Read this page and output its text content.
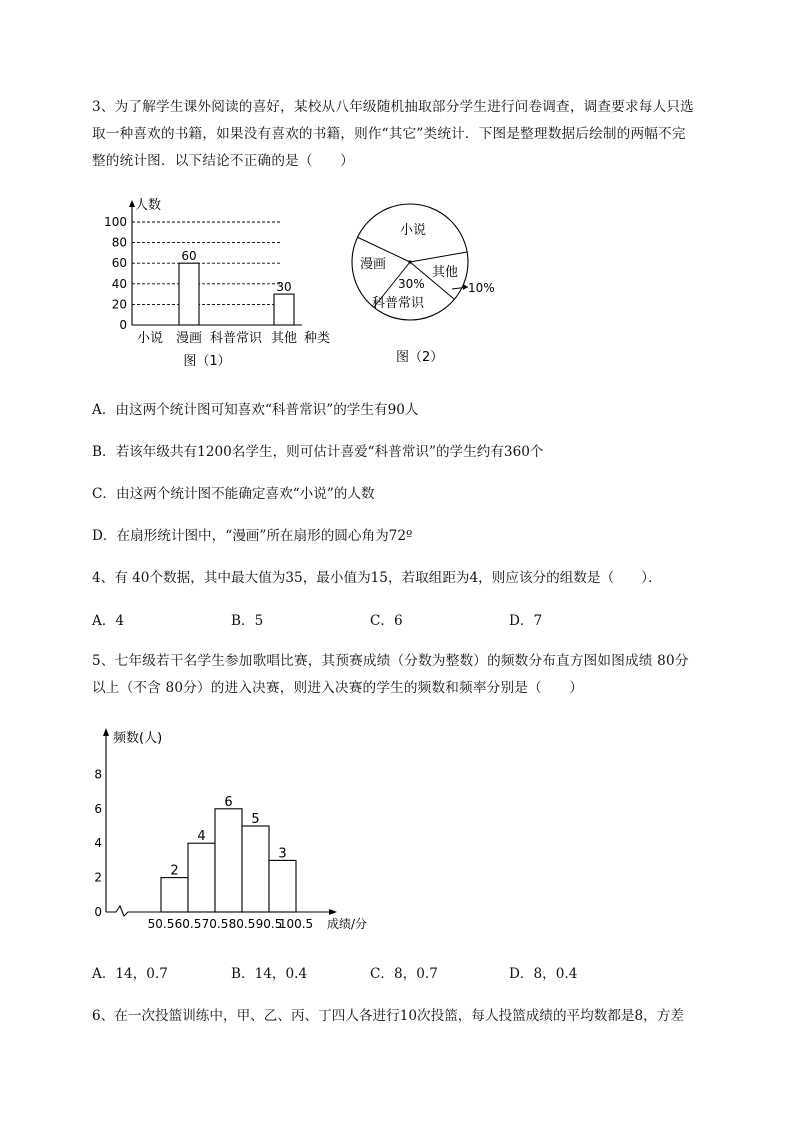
3、为了解学生课外阅读的喜好，某校从八年级随机抽取部分学生进行问卷调查，调查要求每人只选
取一种喜欢的书籍，如果没有喜欢的书籍，则作“其它”类统计．下图是整理数据后绘制的两幅不完
整的统计图．以下结论不正确的是（　　）
人数
0
20
40
60
80
100
小说 漫画
60
科普常识 其他
30
种类
图（1）
小说
漫画
其他
30%
科普常识
10%
图（2）
A．由这两个统计图可知喜欢“科普常识”的学生有90人
B．若该年级共有1200名学生，则可估计喜爱“科普常识”的学生约有360个
C．由这两个统计图不能确定喜欢“小说”的人数
D．在扇形统计图中，“漫画”所在扇形的圆心角为72º
4、有 40个数据，其中最大值为35，最小值为15，若取组距为4，则应该分的组数是（　　）．
A．4	B．5	C．6	D．7
5、七年级若干名学生参加歌唱比赛，其预赛成绩（分数为整数）的频数分布直方图如图成绩 80分
以上（不含 80分）的进入决赛，则进入决赛的学生的频数和频率分别是（　　）
频数(人)
0
2
4
6
8
2
4
6
5
3
50.5 60.5 70.5 80.5 90.5
100.5 成绩/分
A．14，0.7	B．14，0.4	C．8，0.7	D．8，0.4
6、在一次投篮训练中，甲、乙、丙、丁四人各进行10次投篮，每人投篮成绩的平均数都是8，方差
